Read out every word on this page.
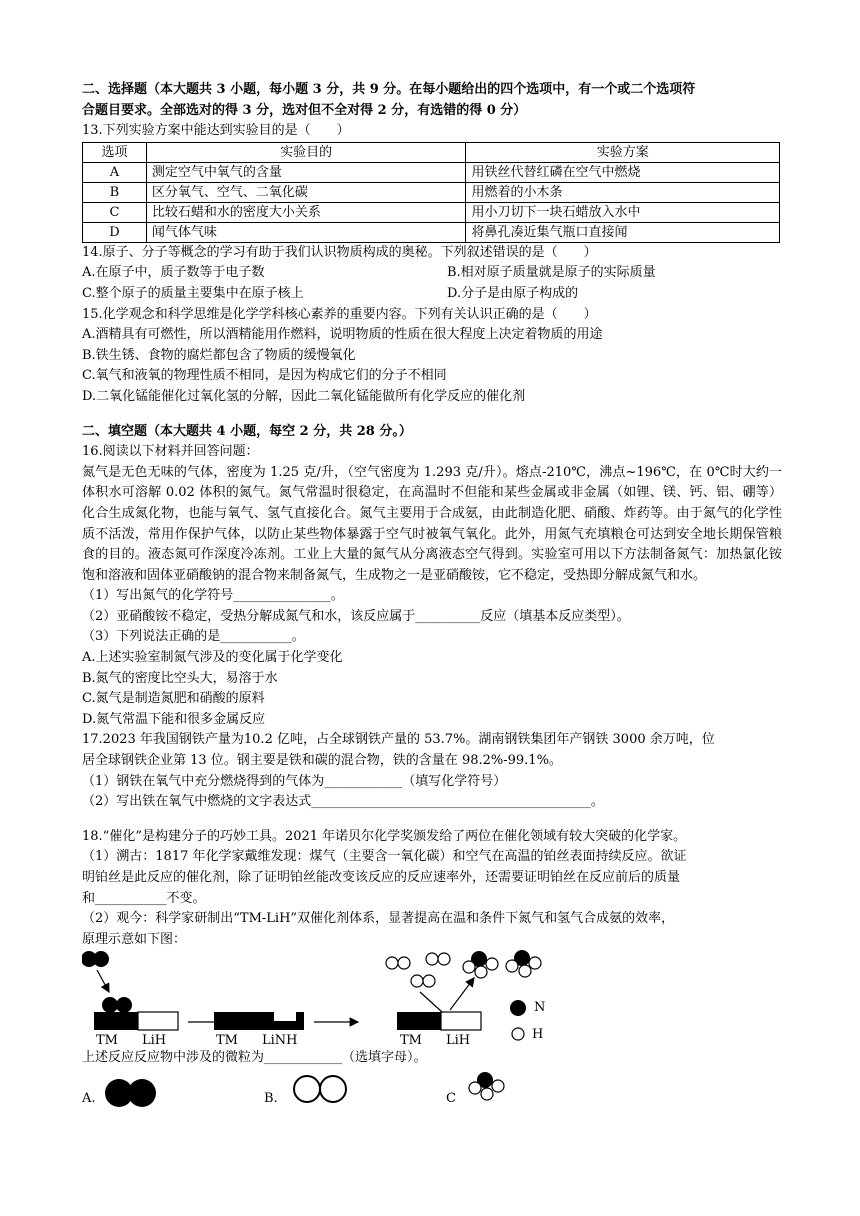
二、选择题（本大题共 3 小题，每小题 3 分，共 9 分。在每小题给出的四个选项中，有一个或二个选项符
合题目要求。全部选对的得 3 分，选对但不全对得 2 分，有选错的得 0 分）
13.下列实验方案中能达到实验目的是（　　）
选项	实验目的	实验方案
A	测定空气中氧气的含量	用铁丝代替红磷在空气中燃烧
B	区分氧气、空气、二氧化碳	用燃着的小木条
C	比较石蜡和水的密度大小关系	用小刀切下一块石蜡放入水中
D	闻气体气味	将鼻孔凑近集气瓶口直接闻
14.原子、分子等概念的学习有助于我们认识物质构成的奥秘。下列叙述错误的是（　　）
A.在原子中，质子数等于电子数	B.相对原子质量就是原子的实际质量
C.整个原子的质量主要集中在原子核上	D.分子是由原子构成的
15.化学观念和科学思维是化学学科核心素养的重要内容。下列有关认识正确的是（　　）
A.酒精具有可燃性，所以酒精能用作燃料，说明物质的性质在很大程度上决定着物质的用途
B.铁生锈、食物的腐烂都包含了物质的缓慢氧化
C.氧气和液氧的物理性质不相同，是因为构成它们的分子不相同
D.二氧化锰能催化过氧化氢的分解，因此二氧化锰能做所有化学反应的催化剂
二、填空题（本大题共 4 小题，每空 2 分，共 28 分。）
16.阅读以下材料并回答问题：
氮气是无色无味的气体，密度为 1.25 克/升，（空气密度为 1.293 克/升）。熔点-210℃，沸点~196℃，在 0℃时大约一体积水可溶解 0.02 体积的氮气。氮气常温时很稳定，在高温时不但能和某些金属或非金属（如锂、镁、钙、铝、硼等）化合生成氮化物，也能与氧气、氢气直接化合。氮气主要用于合成氨，由此制造化肥、硝酸、炸药等。由于氮气的化学性质不活泼，常用作保护气体，以防止某些物体暴露于空气时被氧气氧化。此外，用氮气充填粮仓可达到安全地长期保管粮食的目的。液态氮可作深度冷冻剂。工业上大量的氮气从分离液态空气得到。实验室可用以下方法制备氮气：加热氯化铵饱和溶液和固体亚硝酸钠的混合物来制备氮气，生成物之一是亚硝酸铵，它不稳定，受热即分解成氮气和水。
（1）写出氮气的化学符号_______________。
（2）亚硝酸铵不稳定，受热分解成氮气和水，该反应属于__________反应（填基本反应类型）。
（3）下列说法正确的是___________。
A.上述实验室制氮气涉及的变化属于化学变化
B.氮气的密度比空头大，易溶于水
C.氮气是制造氮肥和硝酸的原料
D.氮气常温下能和很多金属反应
17.2023 年我国钢铁产量为10.2 亿吨，占全球钢铁产量的 53.7%。湖南钢铁集团年产钢铁 3000 余万吨，位
居全球钢铁企业第 13 位。钢主要是铁和碳的混合物，铁的含量在 98.2%-99.1%。
（1）钢铁在氧气中充分燃烧得到的气体为____________（填写化学符号）
（2）写出铁在氧气中燃烧的文字表达式___________________________________________。
18.“催化”是构建分子的巧妙工具。2021 年诺贝尔化学奖颁发给了两位在催化领域有较大突破的化学家。
（1）溯古：1817 年化学家戴维发现：煤气（主要含一氧化碳）和空气在高温的铂丝表面持续反应。欲证
明铂丝是此反应的催化剂，除了证明铂丝能改变该反应的反应速率外，还需要证明铂丝在反应前后的质量
和___________不变。
（2）观今：科学家研制出“TM-LiH”双催化剂体系，显著提高在温和条件下氮气和氢气合成氨的效率，
原理示意如下图：
N
H
TM LiH	TM LiNH	TM LiH
上述反应反应物中涉及的微粒为____________（选填字母）。
A.	B.	C
